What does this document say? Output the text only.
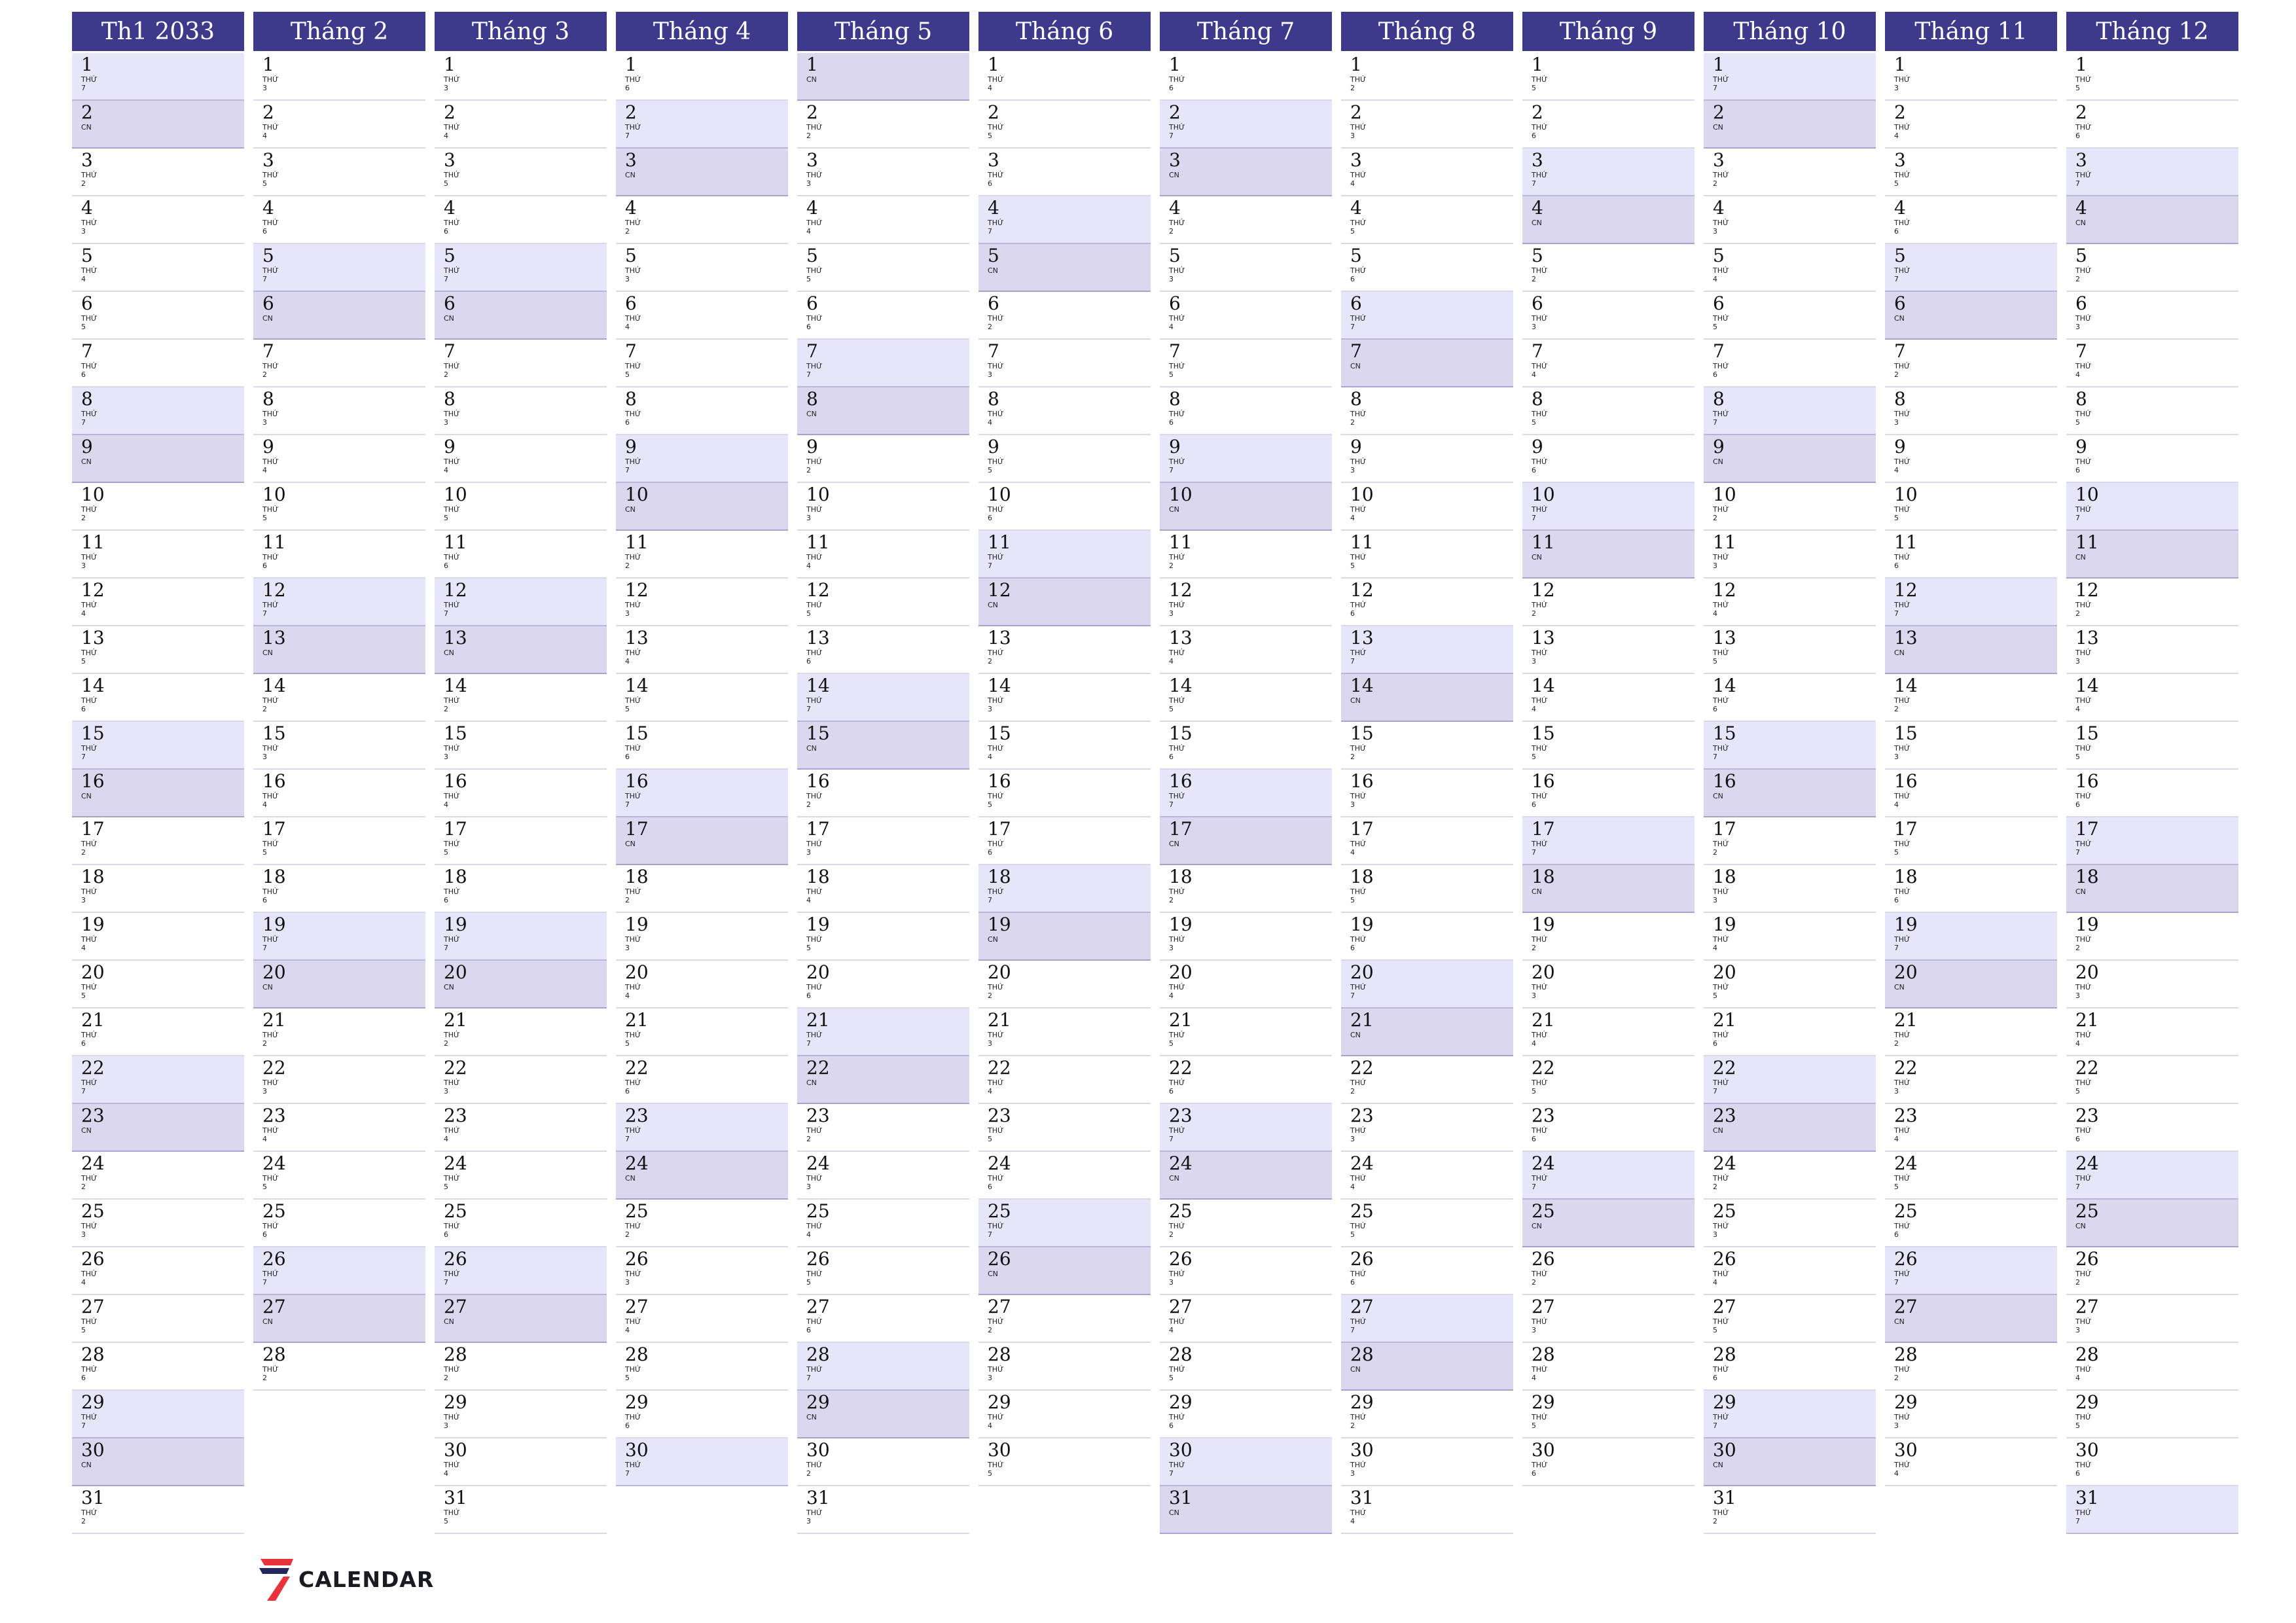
Th1 2033
1
THỨ 7
2
CN
3
THỨ 2
4
THỨ 3
5
THỨ 4
6
THỨ 5
7
THỨ 6
8
THỨ 7
9
CN
10
THỨ 2
11
THỨ 3
12
THỨ 4
13
THỨ 5
14
THỨ 6
15
THỨ 7
16
CN
17
THỨ 2
18
THỨ 3
19
THỨ 4
20
THỨ 5
21
THỨ 6
22
THỨ 7
23
CN
24
THỨ 2
25
THỨ 3
26
THỨ 4
27
THỨ 5
28
THỨ 6
29
THỨ 7
30
CN
31
THỨ 2
Tháng 2
1
THỨ 3
2
THỨ 4
3
THỨ 5
4
THỨ 6
5
THỨ 7
6
CN
7
THỨ 2
8
THỨ 3
9
THỨ 4
10
THỨ 5
11
THỨ 6
12
THỨ 7
13
CN
14
THỨ 2
15
THỨ 3
16
THỨ 4
17
THỨ 5
18
THỨ 6
19
THỨ 7
20
CN
21
THỨ 2
22
THỨ 3
23
THỨ 4
24
THỨ 5
25
THỨ 6
26
THỨ 7
27
CN
28
THỨ 2
Tháng 3
1
THỨ 3
2
THỨ 4
3
THỨ 5
4
THỨ 6
5
THỨ 7
6
CN
7
THỨ 2
8
THỨ 3
9
THỨ 4
10
THỨ 5
11
THỨ 6
12
THỨ 7
13
CN
14
THỨ 2
15
THỨ 3
16
THỨ 4
17
THỨ 5
18
THỨ 6
19
THỨ 7
20
CN
21
THỨ 2
22
THỨ 3
23
THỨ 4
24
THỨ 5
25
THỨ 6
26
THỨ 7
27
CN
28
THỨ 2
29
THỨ 3
30
THỨ 4
31
THỨ 5
Tháng 4
1
THỨ 6
2
THỨ 7
3
CN
4
THỨ 2
5
THỨ 3
6
THỨ 4
7
THỨ 5
8
THỨ 6
9
THỨ 7
10
CN
11
THỨ 2
12
THỨ 3
13
THỨ 4
14
THỨ 5
15
THỨ 6
16
THỨ 7
17
CN
18
THỨ 2
19
THỨ 3
20
THỨ 4
21
THỨ 5
22
THỨ 6
23
THỨ 7
24
CN
25
THỨ 2
26
THỨ 3
27
THỨ 4
28
THỨ 5
29
THỨ 6
30
THỨ 7
Tháng 5
1
CN
2
THỨ 2
3
THỨ 3
4
THỨ 4
5
THỨ 5
6
THỨ 6
7
THỨ 7
8
CN
9
THỨ 2
10
THỨ 3
11
THỨ 4
12
THỨ 5
13
THỨ 6
14
THỨ 7
15
CN
16
THỨ 2
17
THỨ 3
18
THỨ 4
19
THỨ 5
20
THỨ 6
21
THỨ 7
22
CN
23
THỨ 2
24
THỨ 3
25
THỨ 4
26
THỨ 5
27
THỨ 6
28
THỨ 7
29
CN
30
THỨ 2
31
THỨ 3
Tháng 6
1
THỨ 4
2
THỨ 5
3
THỨ 6
4
THỨ 7
5
CN
6
THỨ 2
7
THỨ 3
8
THỨ 4
9
THỨ 5
10
THỨ 6
11
THỨ 7
12
CN
13
THỨ 2
14
THỨ 3
15
THỨ 4
16
THỨ 5
17
THỨ 6
18
THỨ 7
19
CN
20
THỨ 2
21
THỨ 3
22
THỨ 4
23
THỨ 5
24
THỨ 6
25
THỨ 7
26
CN
27
THỨ 2
28
THỨ 3
29
THỨ 4
30
THỨ 5
Tháng 7
1
THỨ 6
2
THỨ 7
3
CN
4
THỨ 2
5
THỨ 3
6
THỨ 4
7
THỨ 5
8
THỨ 6
9
THỨ 7
10
CN
11
THỨ 2
12
THỨ 3
13
THỨ 4
14
THỨ 5
15
THỨ 6
16
THỨ 7
17
CN
18
THỨ 2
19
THỨ 3
20
THỨ 4
21
THỨ 5
22
THỨ 6
23
THỨ 7
24
CN
25
THỨ 2
26
THỨ 3
27
THỨ 4
28
THỨ 5
29
THỨ 6
30
THỨ 7
31
CN
Tháng 8
1
THỨ 2
2
THỨ 3
3
THỨ 4
4
THỨ 5
5
THỨ 6
6
THỨ 7
7
CN
8
THỨ 2
9
THỨ 3
10
THỨ 4
11
THỨ 5
12
THỨ 6
13
THỨ 7
14
CN
15
THỨ 2
16
THỨ 3
17
THỨ 4
18
THỨ 5
19
THỨ 6
20
THỨ 7
21
CN
22
THỨ 2
23
THỨ 3
24
THỨ 4
25
THỨ 5
26
THỨ 6
27
THỨ 7
28
CN
29
THỨ 2
30
THỨ 3
31
THỨ 4
Tháng 9
1
THỨ 5
2
THỨ 6
3
THỨ 7
4
CN
5
THỨ 2
6
THỨ 3
7
THỨ 4
8
THỨ 5
9
THỨ 6
10
THỨ 7
11
CN
12
THỨ 2
13
THỨ 3
14
THỨ 4
15
THỨ 5
16
THỨ 6
17
THỨ 7
18
CN
19
THỨ 2
20
THỨ 3
21
THỨ 4
22
THỨ 5
23
THỨ 6
24
THỨ 7
25
CN
26
THỨ 2
27
THỨ 3
28
THỨ 4
29
THỨ 5
30
THỨ 6
Tháng 10
1
THỨ 7
2
CN
3
THỨ 2
4
THỨ 3
5
THỨ 4
6
THỨ 5
7
THỨ 6
8
THỨ 7
9
CN
10
THỨ 2
11
THỨ 3
12
THỨ 4
13
THỨ 5
14
THỨ 6
15
THỨ 7
16
CN
17
THỨ 2
18
THỨ 3
19
THỨ 4
20
THỨ 5
21
THỨ 6
22
THỨ 7
23
CN
24
THỨ 2
25
THỨ 3
26
THỨ 4
27
THỨ 5
28
THỨ 6
29
THỨ 7
30
CN
31
THỨ 2
Tháng 11
1
THỨ 3
2
THỨ 4
3
THỨ 5
4
THỨ 6
5
THỨ 7
6
CN
7
THỨ 2
8
THỨ 3
9
THỨ 4
10
THỨ 5
11
THỨ 6
12
THỨ 7
13
CN
14
THỨ 2
15
THỨ 3
16
THỨ 4
17
THỨ 5
18
THỨ 6
19
THỨ 7
20
CN
21
THỨ 2
22
THỨ 3
23
THỨ 4
24
THỨ 5
25
THỨ 6
26
THỨ 7
27
CN
28
THỨ 2
29
THỨ 3
30
THỨ 4
Tháng 12
1
THỨ 5
2
THỨ 6
3
THỨ 7
4
CN
5
THỨ 2
6
THỨ 3
7
THỨ 4
8
THỨ 5
9
THỨ 6
10
THỨ 7
11
CN
12
THỨ 2
13
THỨ 3
14
THỨ 4
15
THỨ 5
16
THỨ 6
17
THỨ 7
18
CN
19
THỨ 2
20
THỨ 3
21
THỨ 4
22
THỨ 5
23
THỨ 6
24
THỨ 7
25
CN
26
THỨ 2
27
THỨ 3
28
THỨ 4
29
THỨ 5
30
THỨ 6
31
THỨ 7
CALENDAR
